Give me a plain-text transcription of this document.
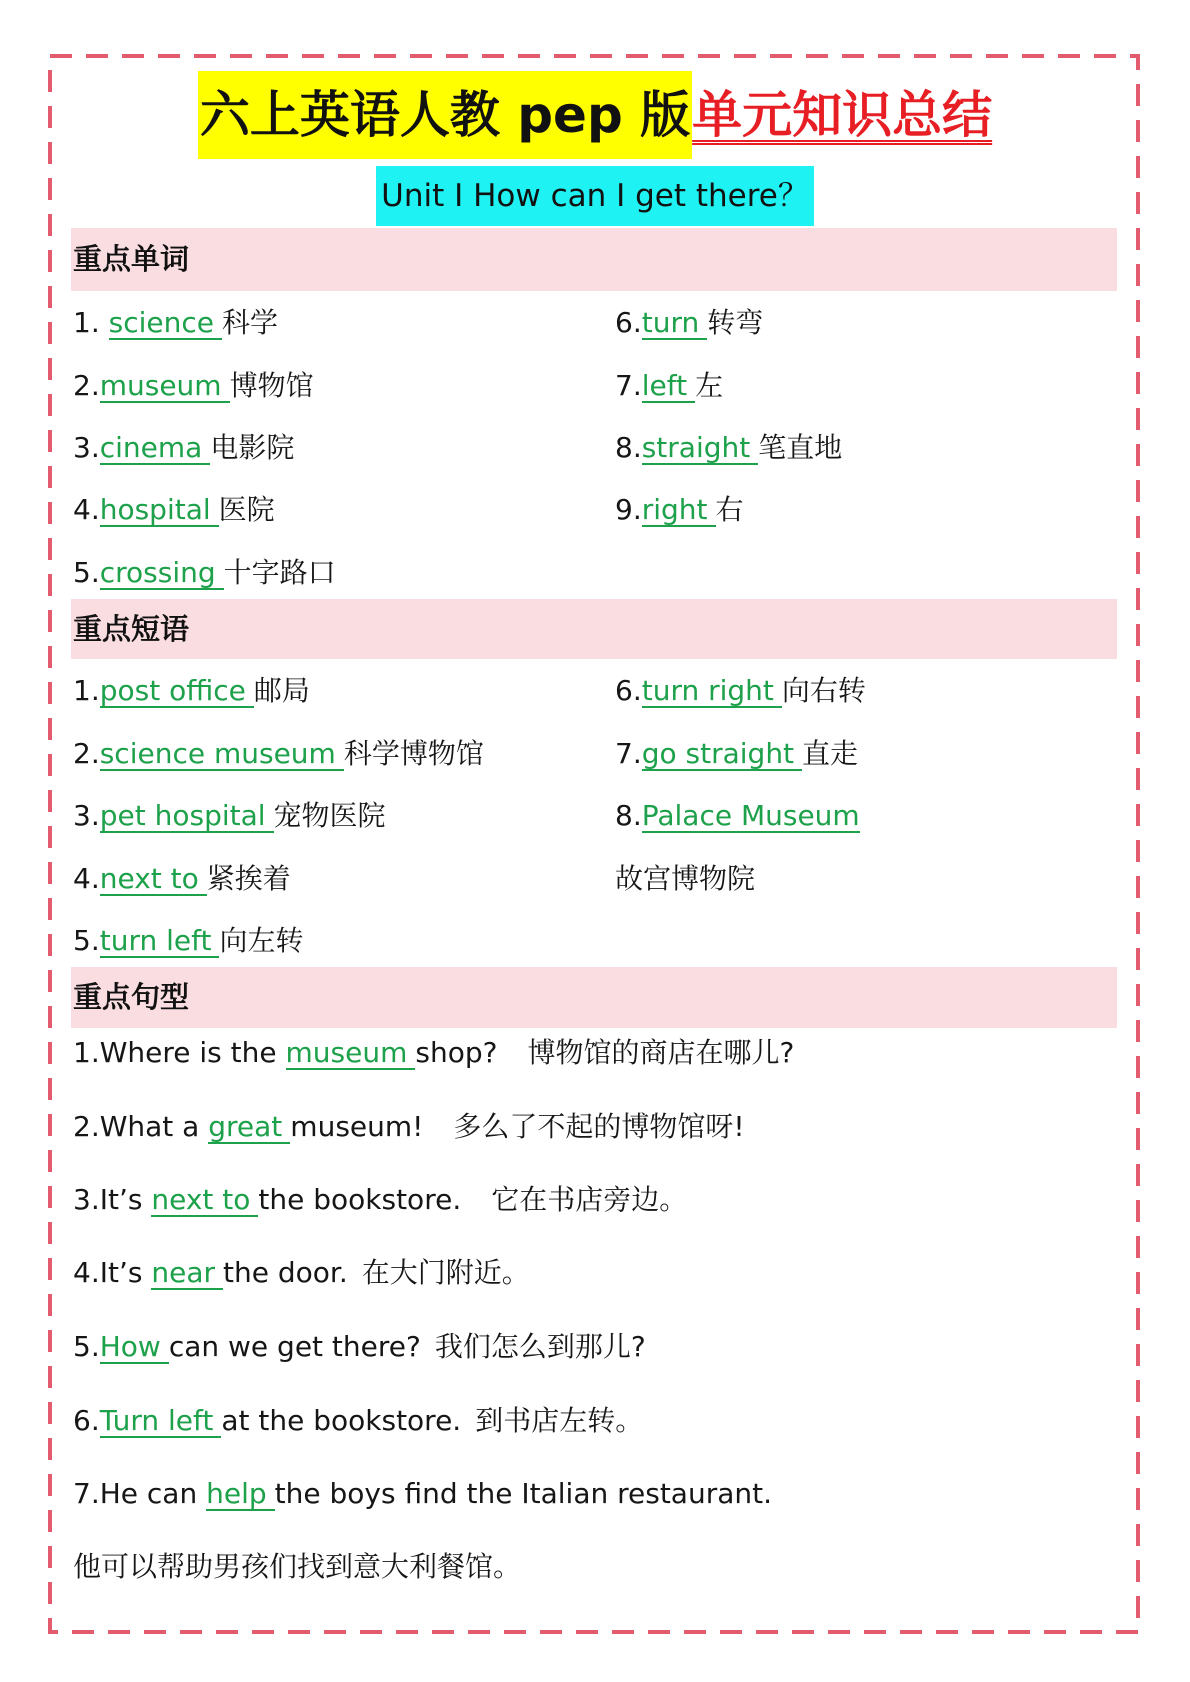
六上英语人教 pep 版单元知识总结
Unit I How can I get there？
重点单词
1. science 科学
2.museum 博物馆
3.cinema 电影院
4.hospital 医院
5.crossing 十字路口
6.turn 转弯
7.left 左
8.straight 笔直地
9.right 右
重点短语
1.post office 邮局
2.science museum 科学博物馆
3.pet hospital 宠物医院
4.next to 紧挨着
5.turn left 向左转
6.turn right 向右转
7.go straight 直走
8.Palace Museum
故宫博物院
重点句型
1.Where is the museum shop? 博物馆的商店在哪儿?
2.What a great museum! 多么了不起的博物馆呀!
3.It’s next to the bookstore. 它在书店旁边。
4.It’s near the door. 在大门附近。
5.How can we get there? 我们怎么到那儿?
6.Turn left at the bookstore. 到书店左转。
7.He can help the boys find the Italian restaurant.
他可以帮助男孩们找到意大利餐馆。
